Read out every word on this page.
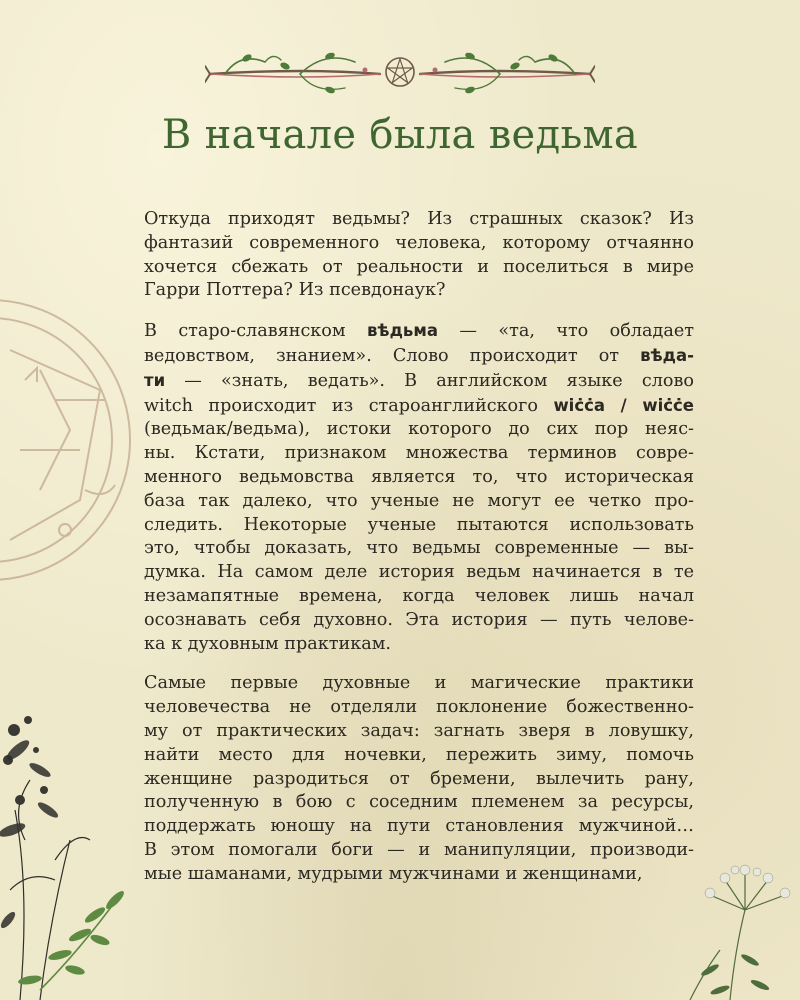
В начале была ведьма

Откуда приходят ведьмы? Из страшных сказок? Из
фантазий современного человека, которому отчаянно
хочется сбежать от реальности и поселиться в мире
Гарри Поттера? Из псевдонаук?

В старо-славянском вѣдьма — «та, что обладает
ведовством, знанием». Слово происходит от вѣда-
ти — «знать, ведать». В английском языке слово
witch происходит из староанглийского wiċċa / wiċċe
(ведьмак/ведьма), истоки которого до сих пор неяс-
ны. Кстати, признаком множества терминов совре-
менного ведьмовства является то, что историческая
база так далеко, что ученые не могут ее четко про-
следить. Некоторые ученые пытаются использовать
это, чтобы доказать, что ведьмы современные — вы-
думка. На самом деле история ведьм начинается в те
незамапятные времена, когда человек лишь начал
осознавать себя духовно. Эта история — путь челове-
ка к духовным практикам.

Самые первые духовные и магические практики
человечества не отделяли поклонение божественно-
му от практических задач: загнать зверя в ловушку,
найти место для ночевки, пережить зиму, помочь
женщине разродиться от бремени, вылечить рану,
полученную в бою с соседним племенем за ресурсы,
поддержать юношу на пути становления мужчиной…
В этом помогали боги — и манипуляции, производи-
мые шаманами, мудрыми мужчинами и женщинами,
